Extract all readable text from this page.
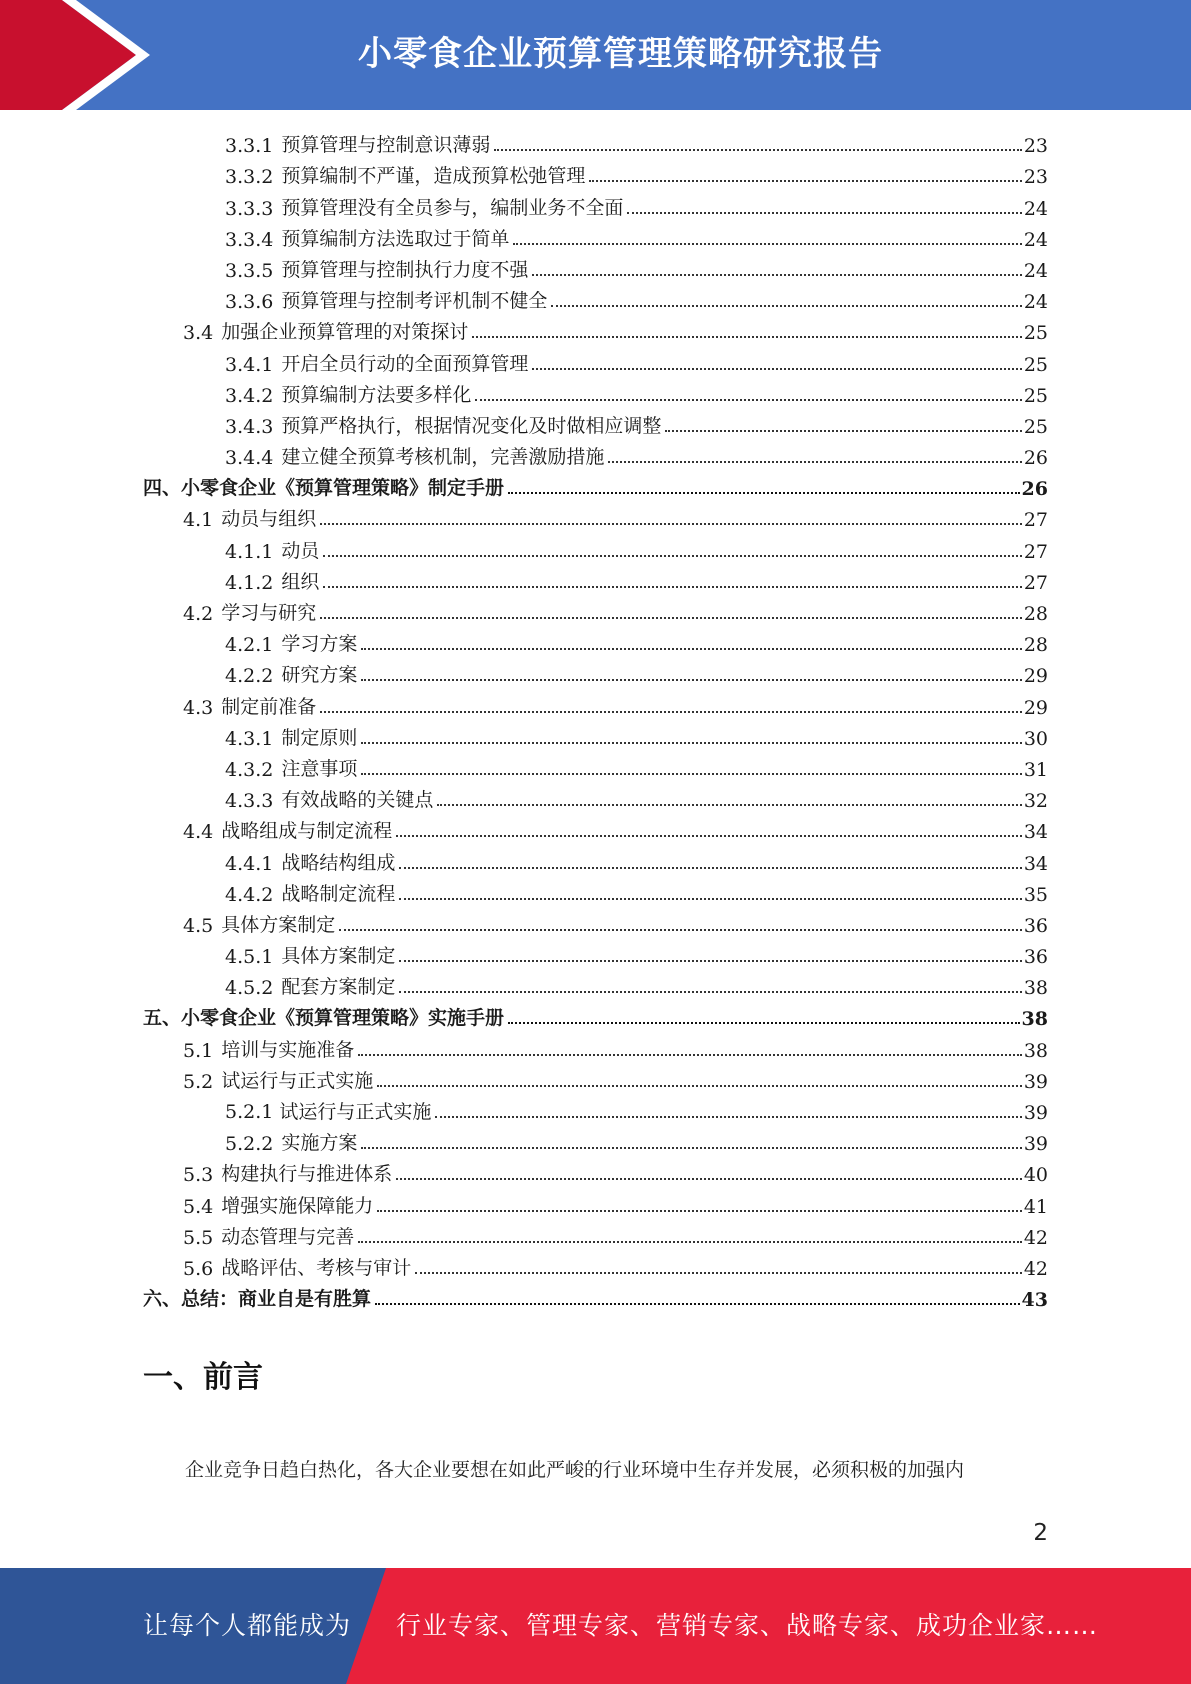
小零食企业预算管理策略研究报告
3.3.1 预算管理与控制意识薄弱	23
3.3.2 预算编制不严谨，造成预算松弛管理	23
3.3.3 预算管理没有全员参与，编制业务不全面	24
3.3.4 预算编制方法选取过于简单	24
3.3.5 预算管理与控制执行力度不强	24
3.3.6 预算管理与控制考评机制不健全	24
3.4 加强企业预算管理的对策探讨	25
3.4.1 开启全员行动的全面预算管理	25
3.4.2 预算编制方法要多样化	25
3.4.3 预算严格执行，根据情况变化及时做相应调整	25
3.4.4 建立健全预算考核机制，完善激励措施	26
四、小零食企业《预算管理策略》制定手册	26
4.1 动员与组织	27
4.1.1 动员	27
4.1.2 组织	27
4.2 学习与研究	28
4.2.1 学习方案	28
4.2.2 研究方案	29
4.3 制定前准备	29
4.3.1 制定原则	30
4.3.2 注意事项	31
4.3.3 有效战略的关键点	32
4.4 战略组成与制定流程	34
4.4.1 战略结构组成	34
4.4.2 战略制定流程	35
4.5 具体方案制定	36
4.5.1 具体方案制定	36
4.5.2 配套方案制定	38
五、小零食企业《预算管理策略》实施手册	38
5.1 培训与实施准备	38
5.2 试运行与正式实施	39
5.2.1 试运行与正式实施	39
5.2.2 实施方案	39
5.3 构建执行与推进体系	40
5.4 增强实施保障能力	41
5.5 动态管理与完善	42
5.6 战略评估、考核与审计	42
六、总结：商业自是有胜算	43
一、前言

企业竞争日趋白热化，各大企业要想在如此严峻的行业环境中生存并发展，必须积极的加强内

2
让每个人都能成为 行业专家、管理专家、营销专家、战略专家、成功企业家……
